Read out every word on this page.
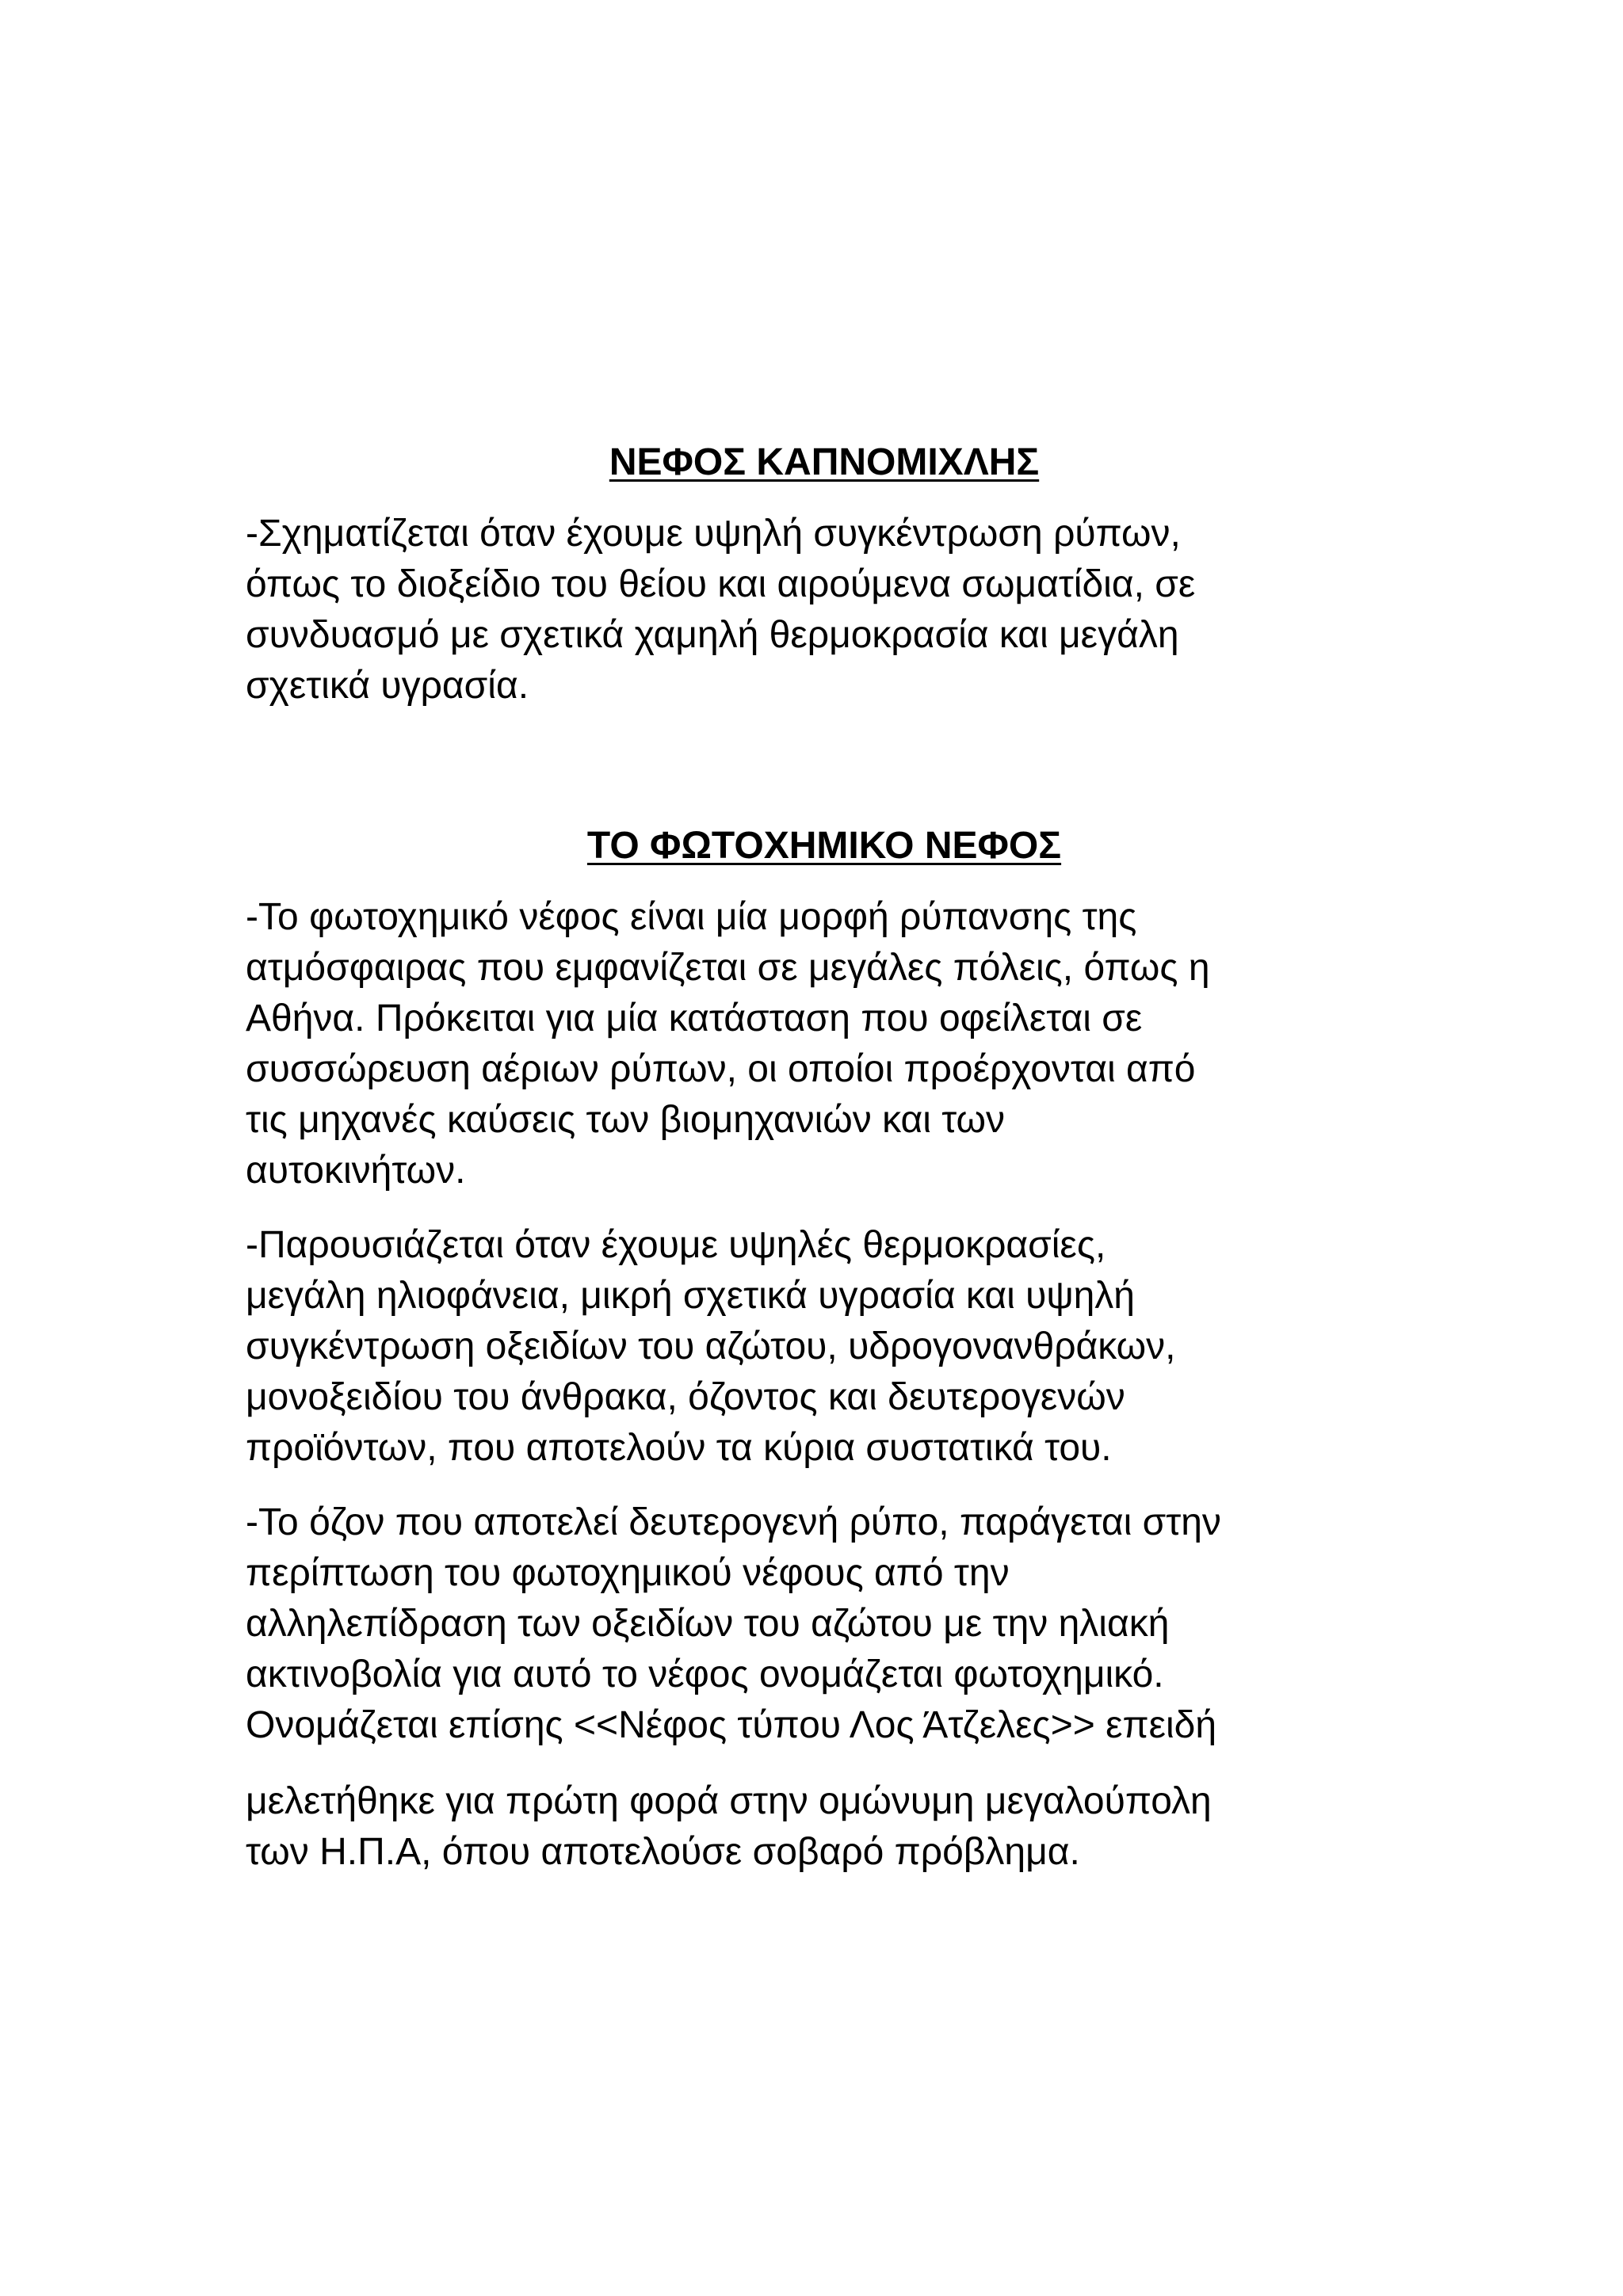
ΝΕΦΟΣ ΚΑΠΝΟΜΙΧΛΗΣ

-Σχηματίζεται όταν έχουμε υψηλή συγκέντρωση ρύπων,
όπως το διοξείδιο του θείου και αιρούμενα σωματίδια, σε
συνδυασμό με σχετικά χαμηλή θερμοκρασία και μεγάλη
σχετικά υγρασία.

ΤΟ ΦΩΤΟΧΗΜΙΚΟ ΝΕΦΟΣ

-Το φωτοχημικό νέφος είναι μία μορφή ρύπανσης της
ατμόσφαιρας που εμφανίζεται σε μεγάλες πόλεις, όπως η
Αθήνα. Πρόκειται για μία κατάσταση που οφείλεται σε
συσσώρευση αέριων ρύπων, οι οποίοι προέρχονται από
τις μηχανές καύσεις των βιομηχανιών και των
αυτοκινήτων.

-Παρουσιάζεται όταν έχουμε υψηλές θερμοκρασίες,
μεγάλη ηλιοφάνεια, μικρή σχετικά υγρασία και υψηλή
συγκέντρωση οξειδίων του αζώτου, υδρογονανθράκων,
μονοξειδίου του άνθρακα, όζοντος και δευτερογενών
προϊόντων, που αποτελούν τα κύρια συστατικά του.

-Το όζον που αποτελεί δευτερογενή ρύπο, παράγεται στην
περίπτωση του φωτοχημικού νέφους από την
αλληλεπίδραση των οξειδίων του αζώτου με την ηλιακή
ακτινοβολία για αυτό το νέφος ονομάζεται φωτοχημικό.
Ονομάζεται επίσης <<Νέφος τύπου Λος Άτζελες>> επειδή

μελετήθηκε για πρώτη φορά στην ομώνυμη μεγαλούπολη
των Η.Π.Α, όπου αποτελούσε σοβαρό πρόβλημα.
